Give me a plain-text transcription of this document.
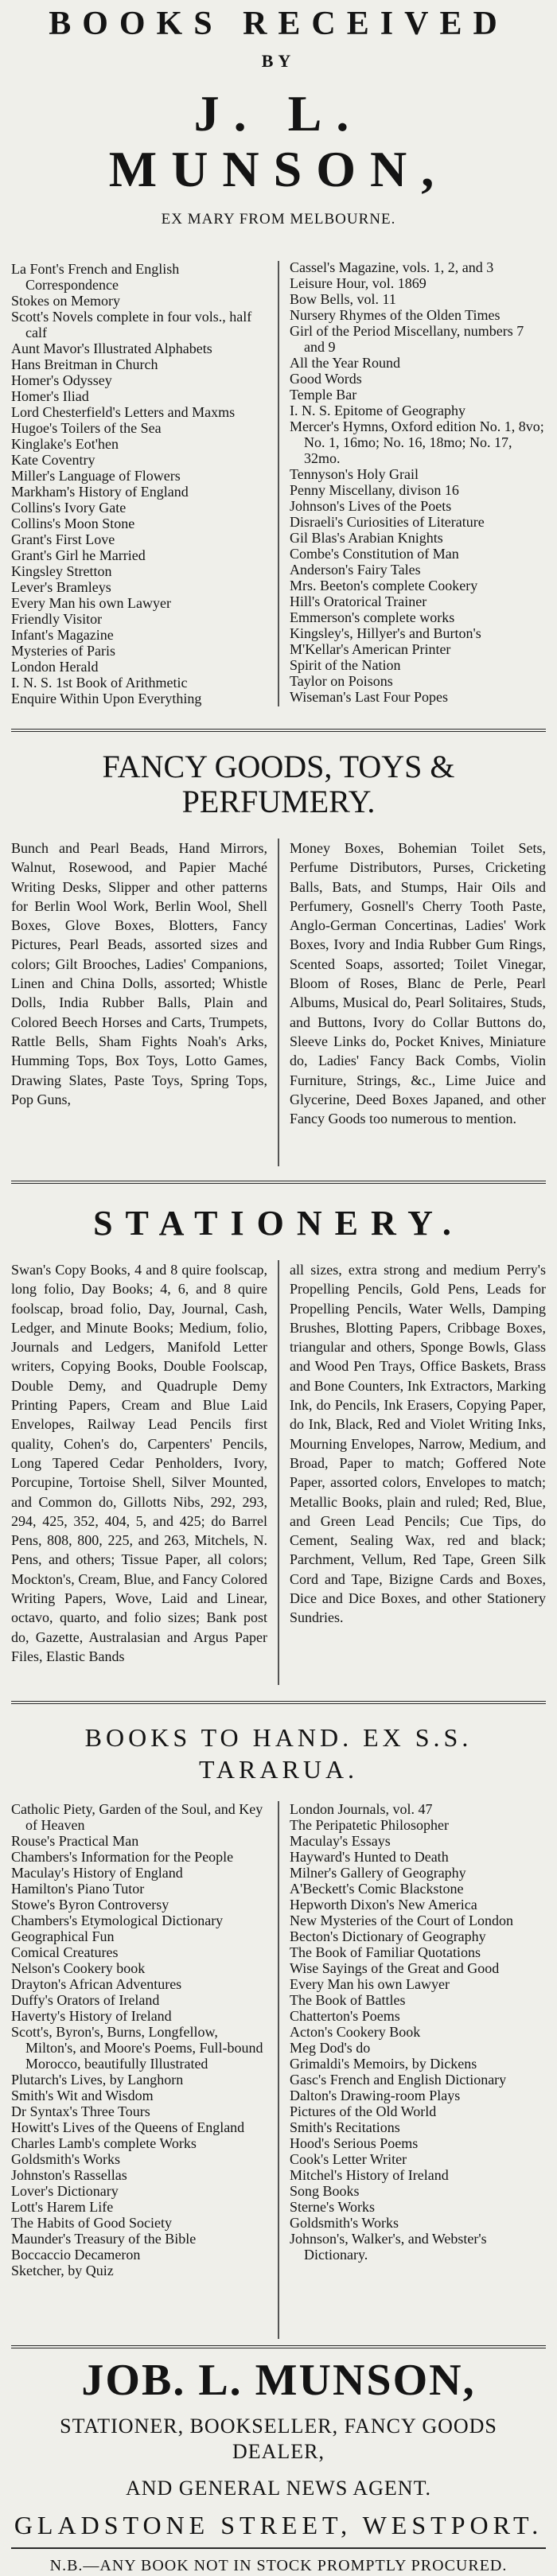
BOOKS RECEIVED
BY
J. L. MUNSON,
EX MARY FROM MELBOURNE.
La Font's French and English Correspondence
Stokes on Memory
Scott's Novels complete in four vols., half calf
Aunt Mavor's Illustrated Alphabets
Hans Breitman in Church
Homer's Odyssey
Homer's Iliad
Lord Chesterfield's Letters and Maxms
Hugoe's Toilers of the Sea
Kinglake's Eot'hen
Kate Coventry
Miller's Language of Flowers
Markham's History of England
Collins's Ivory Gate
Collins's Moon Stone
Grant's First Love
Grant's Girl he Married
Kingsley Stretton
Lever's Bramleys
Every Man his own Lawyer
Friendly Visitor
Infant's Magazine
Mysteries of Paris
London Herald
I. N. S. 1st Book of Arithmetic
Enquire Within Upon Everything
Cassel's Magazine, vols. 1, 2, and 3
Leisure Hour, vol. 1869
Bow Bells, vol. 11
Nursery Rhymes of the Olden Times
Girl of the Period Miscellany, numbers 7 and 9
All the Year Round
Good Words
Temple Bar
I. N. S. Epitome of Geography
Mercer's Hymns, Oxford edition No. 1, 8vo; No. 1, 16mo; No. 16, 18mo; No. 17, 32mo.
Tennyson's Holy Grail
Penny Miscellany, divison 16
Johnson's Lives of the Poets
Disraeli's Curiosities of Literature
Gil Blas's Arabian Knights
Combe's Constitution of Man
Anderson's Fairy Tales
Mrs. Beeton's complete Cookery
Hill's Oratorical Trainer
Emmerson's complete works
Kingsley's, Hillyer's and Burton's
M'Kellar's American Printer
Spirit of the Nation
Taylor on Poisons
Wiseman's Last Four Popes
FANCY GOODS, TOYS & PERFUMERY.
Bunch and Pearl Beads, Hand Mirrors, Walnut, Rosewood, and Papier Maché Writing Desks, Slipper and other patterns for Berlin Wool Work, Berlin Wool, Shell Boxes, Glove Boxes, Blotters, Fancy Pictures, Pearl Beads, assorted sizes and colors; Gilt Brooches, Ladies' Companions, Linen and China Dolls, assorted; Whistle Dolls, India Rubber Balls, Plain and Colored Beech Horses and Carts, Trumpets, Rattle Bells, Sham Fights Noah's Arks, Humming Tops, Box Toys, Lotto Games, Drawing Slates, Paste Toys, Spring Tops, Pop Guns,
Money Boxes, Bohemian Toilet Sets, Perfume Distributors, Purses, Cricketing Balls, Bats, and Stumps, Hair Oils and Perfumery, Gosnell's Cherry Tooth Paste, Anglo-German Concertinas, Ladies' Work Boxes, Ivory and India Rubber Gum Rings, Scented Soaps, assorted; Toilet Vinegar, Bloom of Roses, Blanc de Perle, Pearl Albums, Musical do, Pearl Solitaires, Studs, and Buttons, Ivory do Collar Buttons do, Sleeve Links do, Pocket Knives, Miniature do, Ladies' Fancy Back Combs, Violin Furniture, Strings, &c., Lime Juice and Glycerine, Deed Boxes Japaned, and other Fancy Goods too numerous to mention.
STATIONERY.
Swan's Copy Books, 4 and 8 quire foolscap, long folio, Day Books; 4, 6, and 8 quire foolscap, broad folio, Day, Journal, Cash, Ledger, and Minute Books; Medium, folio, Journals and Ledgers, Manifold Letter writers, Copying Books, Double Foolscap, Double Demy, and Quadruple Demy Printing Papers, Cream and Blue Laid Envelopes, Railway Lead Pencils first quality, Cohen's do, Carpenters' Pencils, Long Tapered Cedar Penholders, Ivory, Porcupine, Tortoise Shell, Silver Mounted, and Common do, Gillotts Nibs, 292, 293, 294, 425, 352, 404, 5, and 425; do Barrel Pens, 808, 800, 225, and 263, Mitchels, N. Pens, and others; Tissue Paper, all colors; Mockton's, Cream, Blue, and Fancy Colored Writing Papers, Wove, Laid and Linear, octavo, quarto, and folio sizes; Bank post do, Gazette, Australasian and Argus Paper Files, Elastic Bands
all sizes, extra strong and medium Perry's Propelling Pencils, Gold Pens, Leads for Propelling Pencils, Water Wells, Damping Brushes, Blotting Papers, Cribbage Boxes, triangular and others, Sponge Bowls, Glass and Wood Pen Trays, Office Baskets, Brass and Bone Counters, Ink Extractors, Marking Ink, do Pencils, Ink Erasers, Copying Paper, do Ink, Black, Red and Violet Writing Inks, Mourning Envelopes, Narrow, Medium, and Broad, Paper to match; Goffered Note Paper, assorted colors, Envelopes to match; Metallic Books, plain and ruled; Red, Blue, and Green Lead Pencils; Cue Tips, do Cement, Sealing Wax, red and black; Parchment, Vellum, Red Tape, Green Silk Cord and Tape, Bizigne Cards and Boxes, Dice and Dice Boxes, and other Stationery Sundries.
BOOKS TO HAND. EX S.S. TARARUA.
Catholic Piety, Garden of the Soul, and Key of Heaven
Rouse's Practical Man
Chambers's Information for the People
Maculay's History of England
Hamilton's Piano Tutor
Stowe's Byron Controversy
Chambers's Etymological Dictionary
Geographical Fun
Comical Creatures
Nelson's Cookery book
Drayton's African Adventures
Duffy's Orators of Ireland
Haverty's History of Ireland
Scott's, Byron's, Burns, Longfellow, Milton's, and Moore's Poems, Full-bound Morocco, beautifully Illustrated
Plutarch's Lives, by Langhorn
Smith's Wit and Wisdom
Dr Syntax's Three Tours
Howitt's Lives of the Queens of England
Charles Lamb's complete Works
Goldsmith's Works
Johnston's Rassellas
Lover's Dictionary
Lott's Harem Life
The Habits of Good Society
Maunder's Treasury of the Bible
Boccaccio Decameron
Sketcher, by Quiz
London Journals, vol. 47
The Peripatetic Philosopher
Maculay's Essays
Hayward's Hunted to Death
Milner's Gallery of Geography
A'Beckett's Comic Blackstone
Hepworth Dixon's New America
New Mysteries of the Court of London
Becton's Dictionary of Geography
The Book of Familiar Quotations
Wise Sayings of the Great and Good
Every Man his own Lawyer
The Book of Battles
Chatterton's Poems
Acton's Cookery Book
Meg Dod's do
Grimaldi's Memoirs, by Dickens
Gasc's French and English Dictionary
Dalton's Drawing-room Plays
Pictures of the Old World
Smith's Recitations
Hood's Serious Poems
Cook's Letter Writer
Mitchel's History of Ireland
Song Books
Sterne's Works
Goldsmith's Works
Johnson's, Walker's, and Webster's Dictionary.
JOB. L. MUNSON,
STATIONER, BOOKSELLER, FANCY GOODS DEALER,
AND GENERAL NEWS AGENT.
GLADSTONE STREET, WESTPORT.
N.B.—ANY BOOK NOT IN STOCK PROMPTLY PROCURED.
